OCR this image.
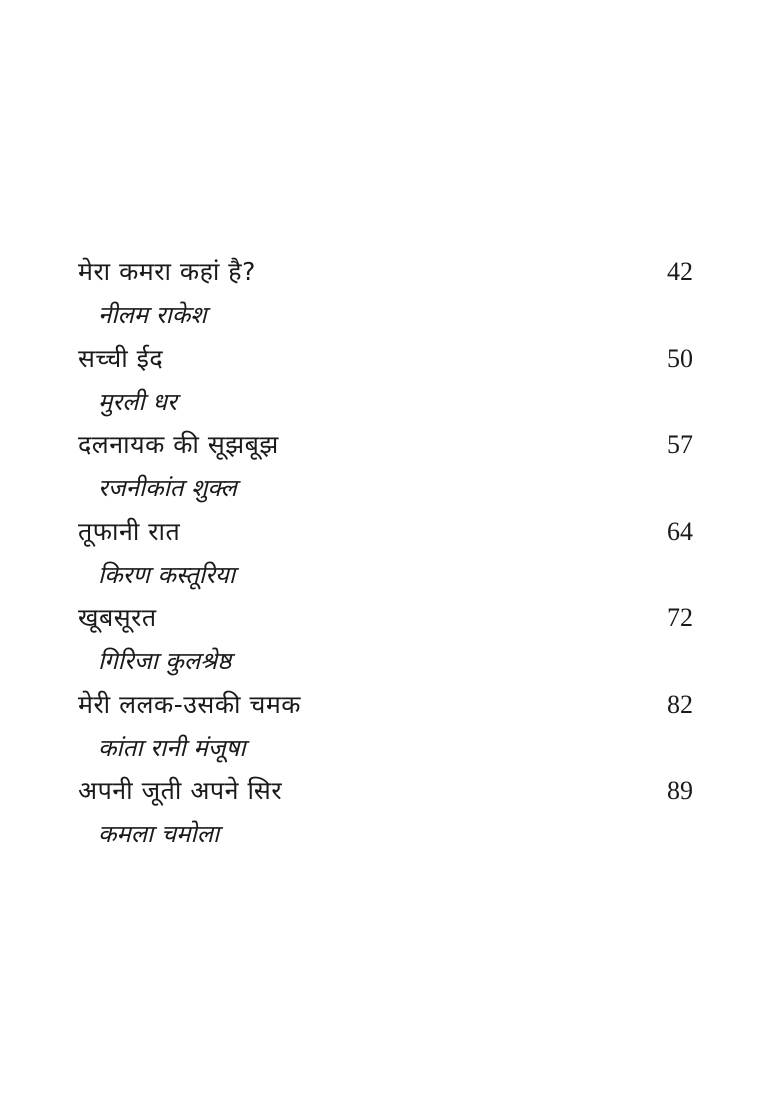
मेरा कमरा कहां है?	42
नीलम राकेश
सच्ची ईद	50
मुरली धर
दलनायक की सूझबूझ	57
रजनीकांत शुक्ल
तूफानी रात	64
किरण कस्तूरिया
खूबसूरत	72
गिरिजा कुलश्रेष्ठ
मेरी ललक-उसकी चमक	82
कांता रानी मंजूषा
अपनी जूती अपने सिर	89
कमला चमोला
